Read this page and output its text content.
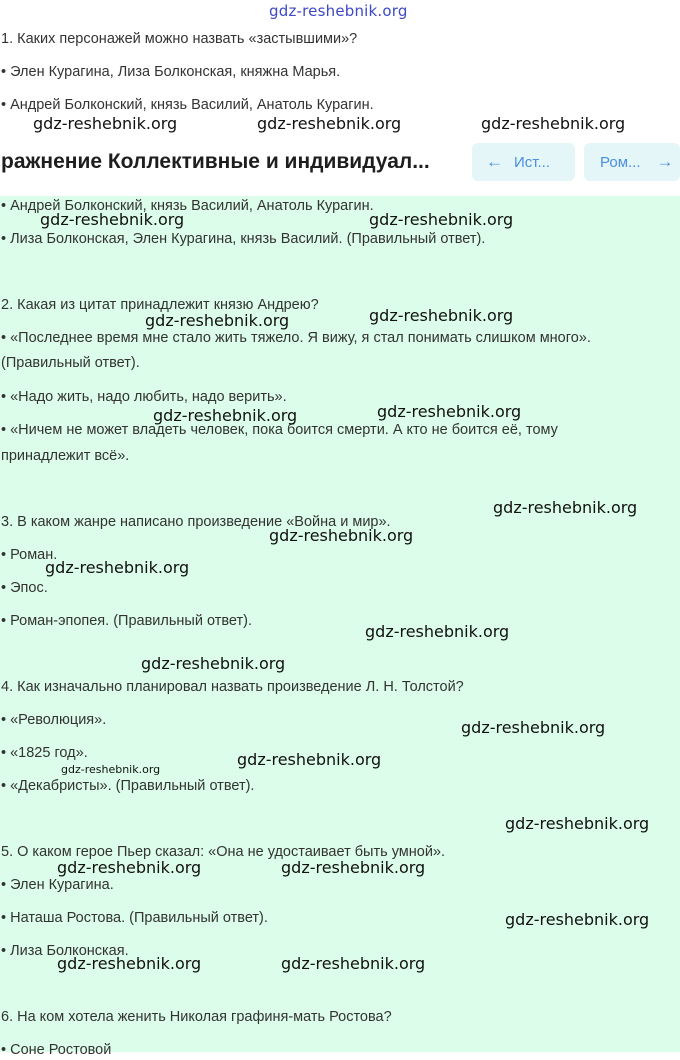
gdz-reshebnik.org
1. Каких персонажей можно назвать «застывшими»?
• Элен Курагина, Лиза Болконская, княжна Марья.
• Андрей Болконский, князь Василий, Анатоль Курагин.
ражнение Коллективные и индивидуал...	← Ист...	Ром... →
• Андрей Болконский, князь Василий, Анатоль Курагин.
• Лиза Болконская, Элен Курагина, князь Василий. (Правильный ответ).
2. Какая из цитат принадлежит князю Андрею?
• «Последнее время мне стало жить тяжело. Я вижу, я стал понимать слишком много».
(Правильный ответ).
• «Надо жить, надо любить, надо верить».
• «Ничем не может владеть человек, пока боится смерти. А кто не боится её, тому
принадлежит всё».
3. В каком жанре написано произведение «Война и мир».
• Роман.
• Эпос.
• Роман-эпопея. (Правильный ответ).
4. Как изначально планировал назвать произведение Л. Н. Толстой?
• «Революция».
• «1825 год».
• «Декабристы». (Правильный ответ).
5. О каком герое Пьер сказал: «Она не удостаивает быть умной».
• Элен Курагина.
• Наташа Ростова. (Правильный ответ).
• Лиза Болконская.
6. На ком хотела женить Николая графиня-мать Ростова?
• Соне Ростовой
gdz-reshebnik.org	gdz-reshebnik.org	gdz-reshebnik.org
gdz-reshebnik.org	gdz-reshebnik.org
gdz-reshebnik.org	gdz-reshebnik.org
gdz-reshebnik.org	gdz-reshebnik.org
gdz-reshebnik.org
gdz-reshebnik.org
gdz-reshebnik.org
gdz-reshebnik.org
gdz-reshebnik.org
gdz-reshebnik.org
gdz-reshebnik.org
gdz-reshebnik.org
gdz-reshebnik.org
gdz-reshebnik.org	gdz-reshebnik.org
gdz-reshebnik.org
gdz-reshebnik.org	gdz-reshebnik.org
